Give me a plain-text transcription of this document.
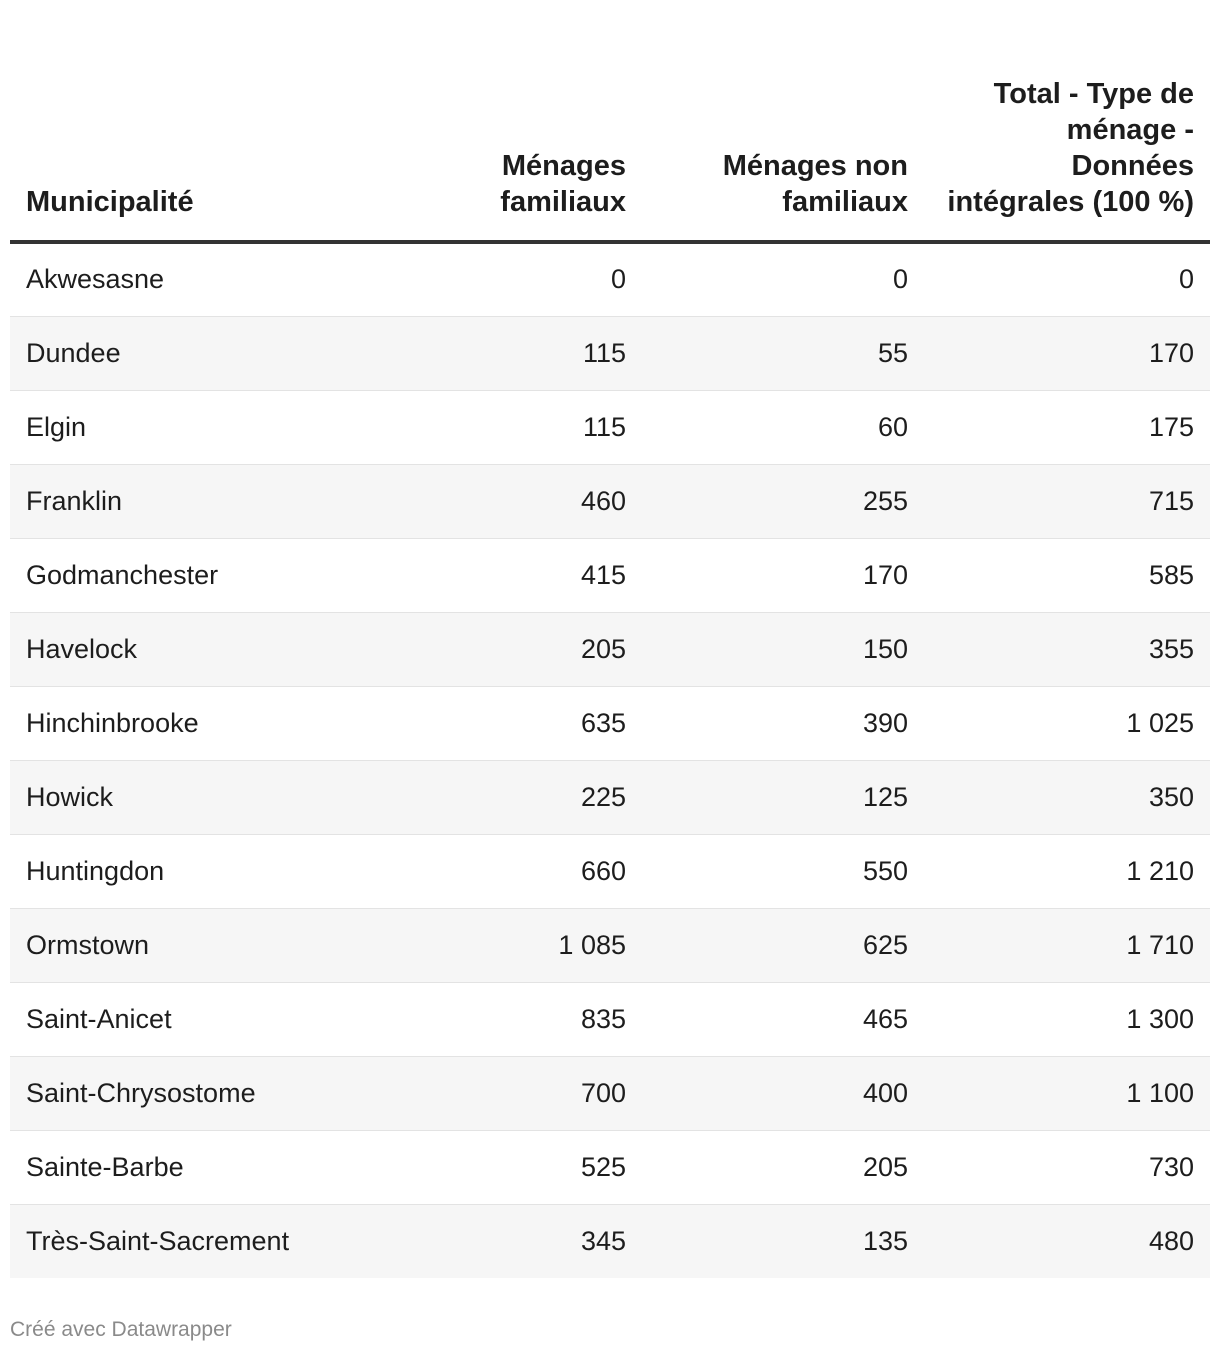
Municipalité	Ménages familiaux	Ménages non familiaux	Total - Type de ménage - Données intégrales (100 %)
Akwesasne	0	0	0
Dundee	115	55	170
Elgin	115	60	175
Franklin	460	255	715
Godmanchester	415	170	585
Havelock	205	150	355
Hinchinbrooke	635	390	1 025
Howick	225	125	350
Huntingdon	660	550	1 210
Ormstown	1 085	625	1 710
Saint-Anicet	835	465	1 300
Saint-Chrysostome	700	400	1 100
Sainte-Barbe	525	205	730
Très-Saint-Sacrement	345	135	480
Créé avec Datawrapper
